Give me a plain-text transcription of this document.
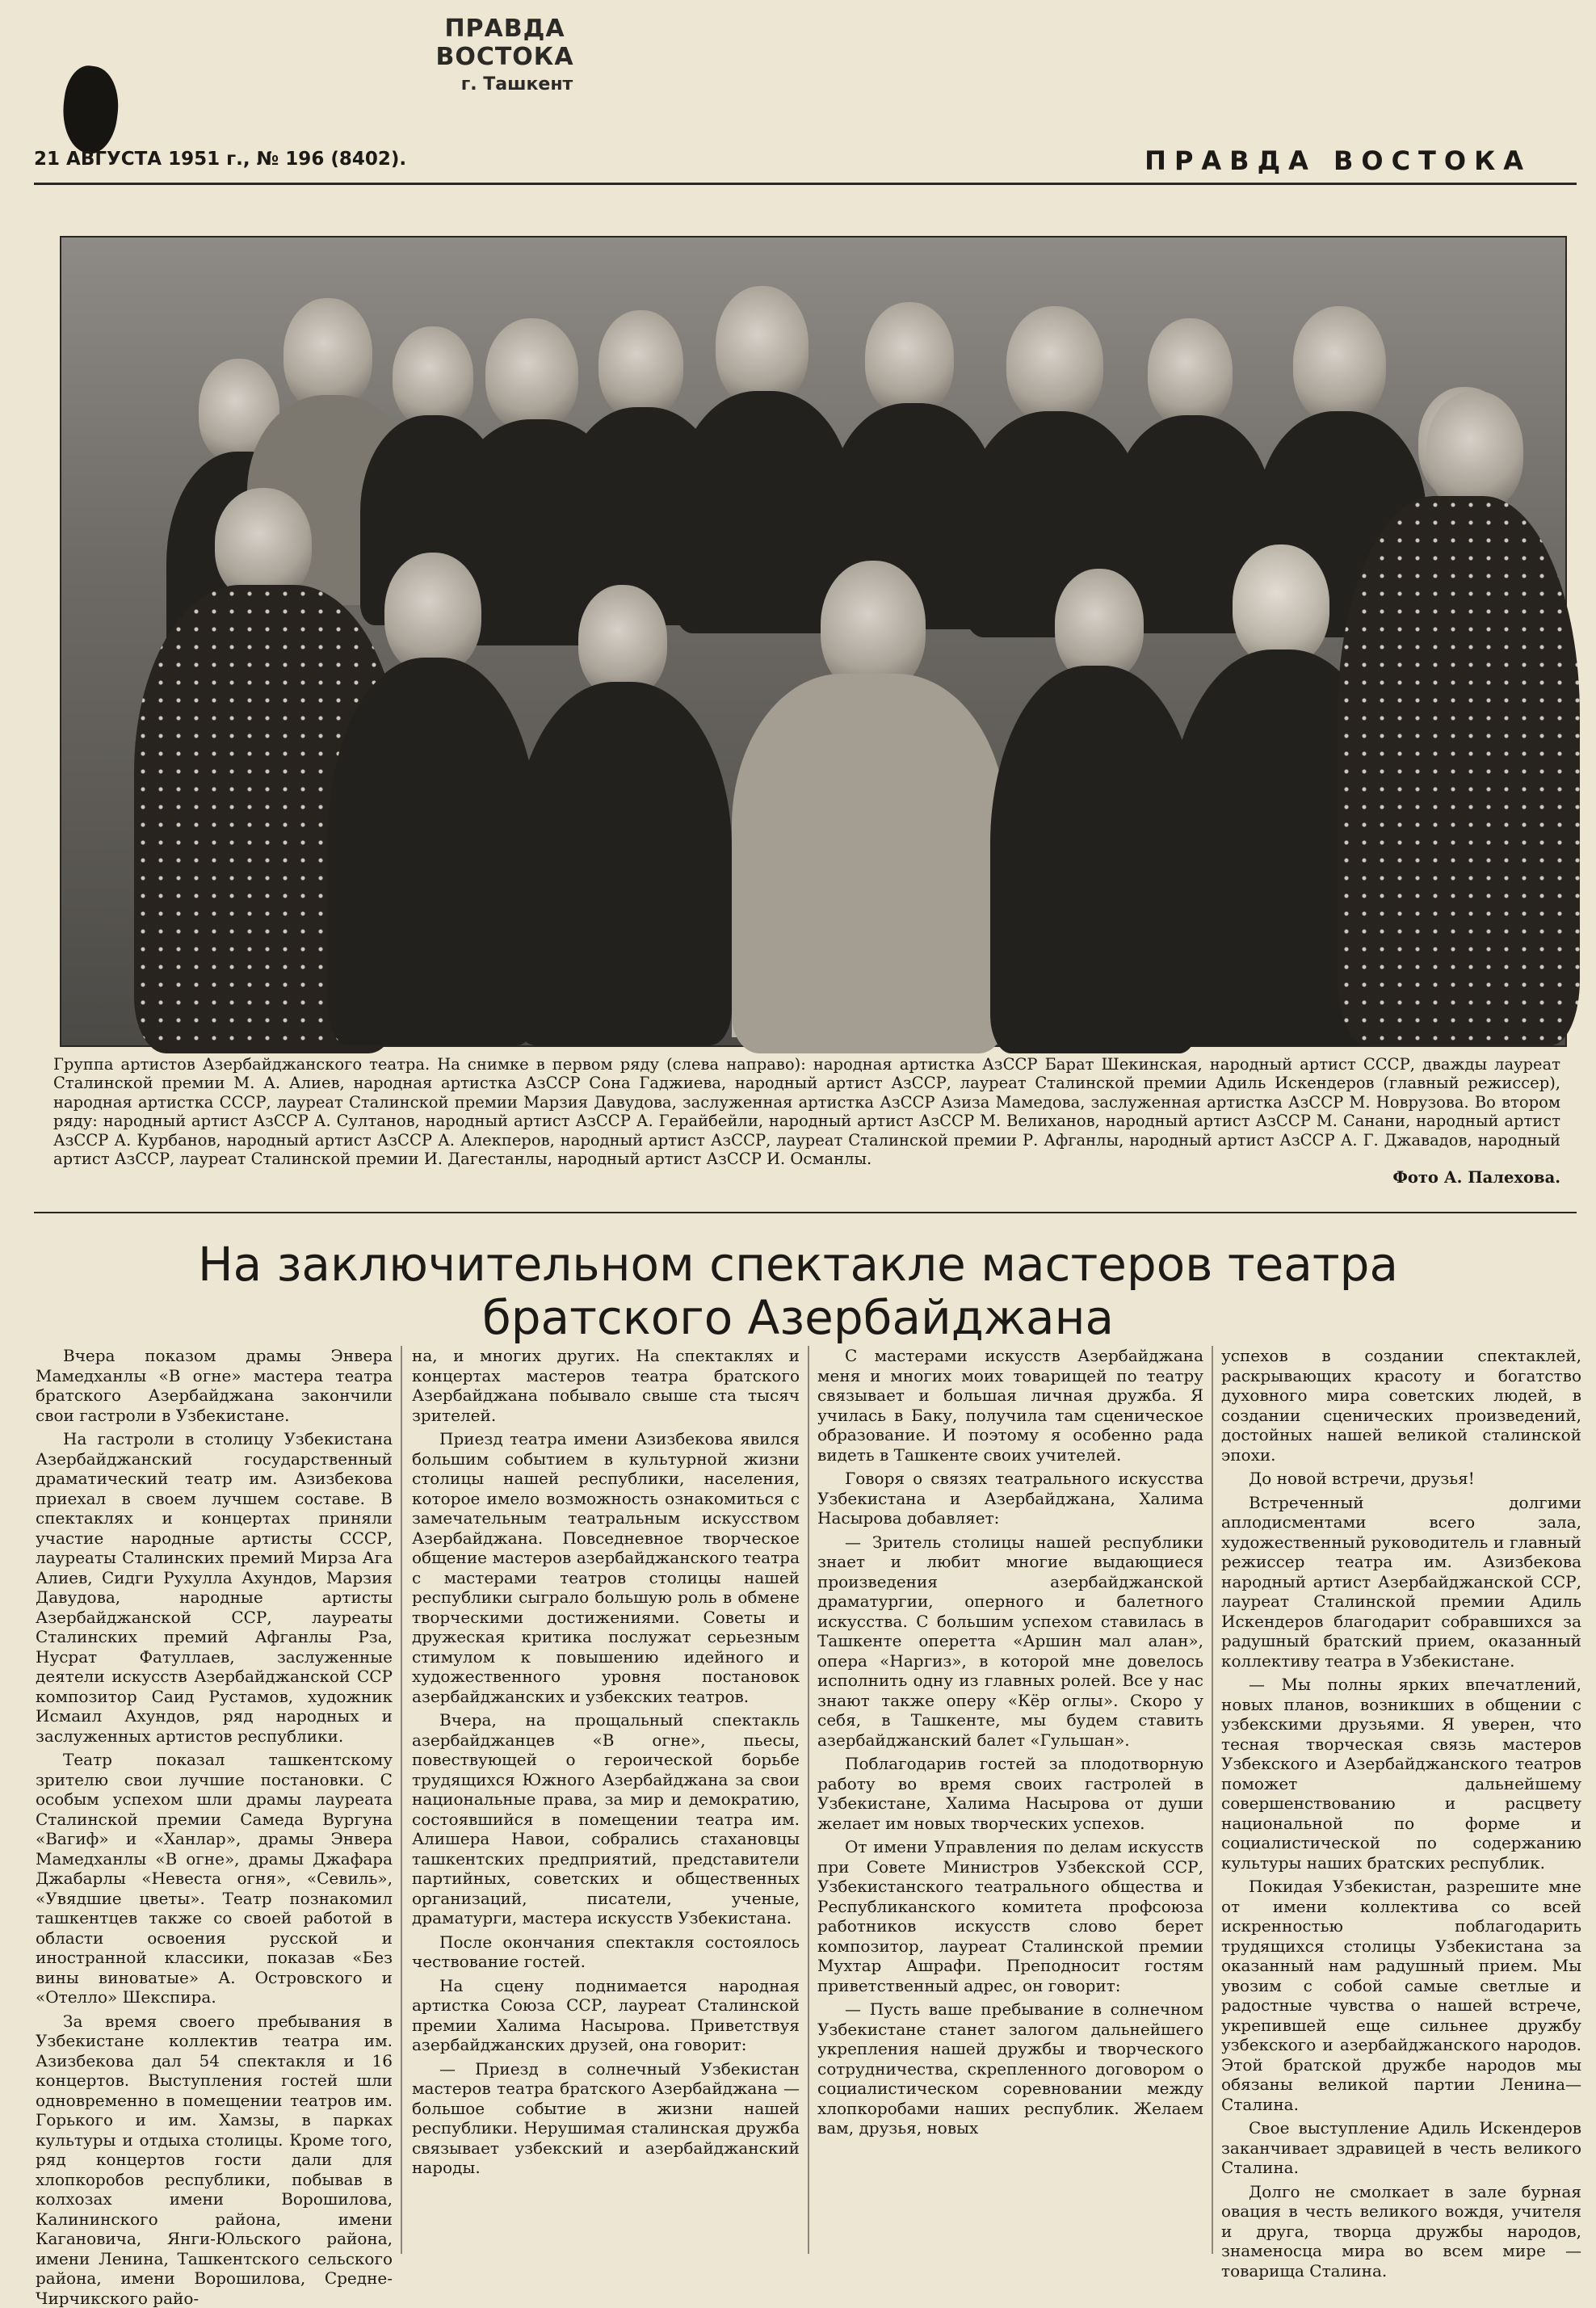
ПРАВДА ВОСТОКА
г. Ташкент
21 АВГУСТА 1951 г., № 196 (8402).	ПРАВДА ВОСТОКА
Группа артистов Азербайджанского театра. На снимке в первом ряду (слева направо): народная артистка АзССР Барат Шекинская, народный артист СССР, дважды лауреат Сталинской премии М. А. Алиев, народная артистка АзССР Сона Гаджиева, народный артист АзССР, лауреат Сталинской премии Адиль Искендеров (главный режиссер), народная артистка СССР, лауреат Сталинской премии Марзия Давудова, заслуженная артистка АзССР Азиза Мамедова, заслуженная артистка АзССР М. Новрузова. Во втором ряду: народный артист АзССР А. Султанов, народный артист АзССР А. Герайбейли, народный артист АзССР М. Велиханов, народный артист АзССР М. Санани, народный артист АзССР А. Курбанов, народный артист АзССР А. Алекперов, народный артист АзССР, лауреат Сталинской премии Р. Афганлы, народный артист АзССР А. Г. Джавадов, народный артист АзССР, лауреат Сталинской премии И. Дагестанлы, народный артист АзССР И. Османлы.
Фото А. Палехова.
На заключительном спектакле мастеров театра
братского Азербайджана

Вчера показом драмы Энвера Мамедханлы «В огне» мастера театра братского Азербайджана закончили свои гастроли в Узбекистане.

На гастроли в столицу Узбекистана Азербайджанский государственный драматический театр им. Азизбекова приехал в своем лучшем составе. В спектаклях и концертах приняли участие народные артисты СССР, лауреаты Сталинских премий Мирза Ага Алиев, Сидги Рухулла Ахундов, Марзия Давудова, народные артисты Азербайджанской ССР, лауреаты Сталинских премий Афганлы Рза, Нусрат Фатуллаев, заслуженные деятели искусств Азербайджанской ССР композитор Саид Рустамов, художник Исмаил Ахундов, ряд народных и заслуженных артистов республики.

Театр показал ташкентскому зрителю свои лучшие постановки. С особым успехом шли драмы лауреата Сталинской премии Самеда Вургуна «Вагиф» и «Ханлар», драмы Энвера Мамедханлы «В огне», драмы Джафара Джабарлы «Невеста огня», «Севиль», «Увядшие цветы». Театр познакомил ташкентцев также со своей работой в области освоения русской и иностранной классики, показав «Без вины виноватые» А. Островского и «Отелло» Шекспира.

За время своего пребывания в Узбекистане коллектив театра им. Азизбекова дал 54 спектакля и 16 концертов. Выступления гостей шли одновременно в помещении театров им. Горького и им. Хамзы, в парках культуры и отдыха столицы. Кроме того, ряд концертов гости дали для хлопкоробов республики, побывав в колхозах имени Ворошилова, Калининского района, имени Кагановича, Янги-Юльского района, имени Ленина, Ташкентского сельского района, имени Ворошилова, Средне-Чирчикского райо-

на, и многих других. На спектаклях и концертах мастеров театра братского Азербайджана побывало свыше ста тысяч зрителей.

Приезд театра имени Азизбекова явился большим событием в культурной жизни столицы нашей республики, населения, которое имело возможность ознакомиться с замечательным театральным искусством Азербайджана. Повседневное творческое общение мастеров азербайджанского театра с мастерами театров столицы нашей республики сыграло большую роль в обмене творческими достижениями. Советы и дружеская критика послужат серьезным стимулом к повышению идейного и художественного уровня постановок азербайджанских и узбекских театров.

Вчера, на прощальный спектакль азербайджанцев «В огне», пьесы, повествующей о героической борьбе трудящихся Южного Азербайджана за свои национальные права, за мир и демократию, состоявшийся в помещении театра им. Алишера Навои, собрались стахановцы ташкентских предприятий, представители партийных, советских и общественных организаций, писатели, ученые, драматурги, мастера искусств Узбекистана.

После окончания спектакля состоялось чествование гостей.

На сцену поднимается народная артистка Союза ССР, лауреат Сталинской премии Халима Насырова. Приветствуя азербайджанских друзей, она говорит:

— Приезд в солнечный Узбекистан мастеров театра братского Азербайджана — большое событие в жизни нашей республики. Нерушимая сталинская дружба связывает узбекский и азербайджанский народы.

С мастерами искусств Азербайджана меня и многих моих товарищей по театру связывает и большая личная дружба. Я училась в Баку, получила там сценическое образование. И поэтому я особенно рада видеть в Ташкенте своих учителей.

Говоря о связях театрального искусства Узбекистана и Азербайджана, Халима Насырова добавляет:

— Зритель столицы нашей республики знает и любит многие выдающиеся произведения азербайджанской драматургии, оперного и балетного искусства. С большим успехом ставилась в Ташкенте оперетта «Аршин мал алан», опера «Наргиз», в которой мне довелось исполнить одну из главных ролей. Все у нас знают также оперу «Кёр оглы». Скоро у себя, в Ташкенте, мы будем ставить азербайджанский балет «Гульшан».

Поблагодарив гостей за плодотворную работу во время своих гастролей в Узбекистане, Халима Насырова от души желает им новых творческих успехов.

От имени Управления по делам искусств при Совете Министров Узбекской ССР, Узбекистанского театрального общества и Республиканского комитета профсоюза работников искусств слово берет композитор, лауреат Сталинской премии Мухтар Ашрафи. Преподносит гостям приветственный адрес, он говорит:

— Пусть ваше пребывание в солнечном Узбекистане станет залогом дальнейшего укрепления нашей дружбы и творческого сотрудничества, скрепленного договором о социалистическом соревновании между хлопкоробами наших республик. Желаем вам, друзья, новых

успехов в создании спектаклей, раскрывающих красоту и богатство духовного мира советских людей, в создании сценических произведений, достойных нашей великой сталинской эпохи.

До новой встречи, друзья!

Встреченный долгими аплодисментами всего зала, художественный руководитель и главный режиссер театра им. Азизбекова народный артист Азербайджанской ССР, лауреат Сталинской премии Адиль Искендеров благодарит собравшихся за радушный братский прием, оказанный коллективу театра в Узбекистане.

— Мы полны ярких впечатлений, новых планов, возникших в общении с узбекскими друзьями. Я уверен, что тесная творческая связь мастеров Узбекского и Азербайджанского театров поможет дальнейшему совершенствованию и расцвету национальной по форме и социалистической по содержанию культуры наших братских республик.

Покидая Узбекистан, разрешите мне от имени коллектива со всей искренностью поблагодарить трудящихся столицы Узбекистана за оказанный нам радушный прием. Мы увозим с собой самые светлые и радостные чувства о нашей встрече, укрепившей еще сильнее дружбу узбекского и азербайджанского народов. Этой братской дружбе народов мы обязаны великой партии Ленина—Сталина.

Свое выступление Адиль Искендеров заканчивает здравицей в честь великого Сталина.

Долго не смолкает в зале бурная овация в честь великого вождя, учителя и друга, творца дружбы народов, знаменосца мира во всем мире — товарища Сталина.
